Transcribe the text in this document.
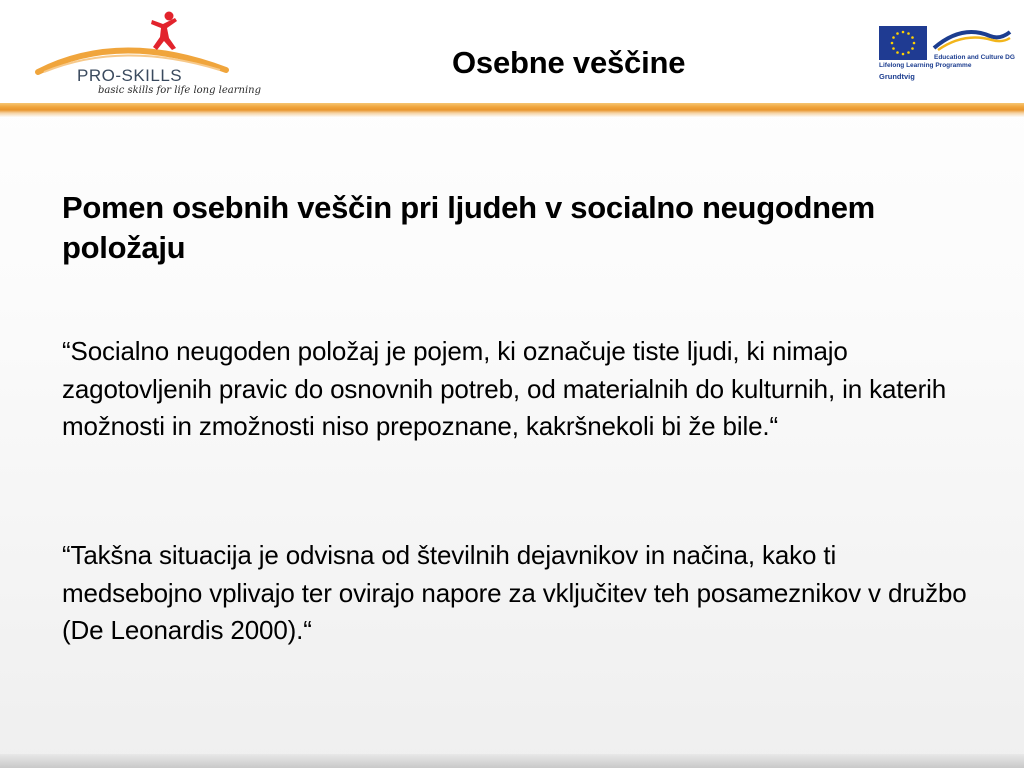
PRO-SKILLS
basic skills for life long learning
Osebne veščine	Education and Culture DG
Lifelong Learning Programme
Grundtvig
Pomen osebnih veščin pri ljudeh v socialno neugodnem položaju
“Socialno neugoden položaj je pojem, ki označuje tiste ljudi, ki nimajo zagotovljenih pravic do osnovnih potreb, od materialnih do kulturnih, in katerih možnosti in zmožnosti niso prepoznane, kakršnekoli bi že bile.“
“Takšna situacija je odvisna od številnih dejavnikov in načina, kako ti medsebojno vplivajo ter ovirajo napore za vključitev teh posameznikov v družbo (De Leonardis 2000).“
